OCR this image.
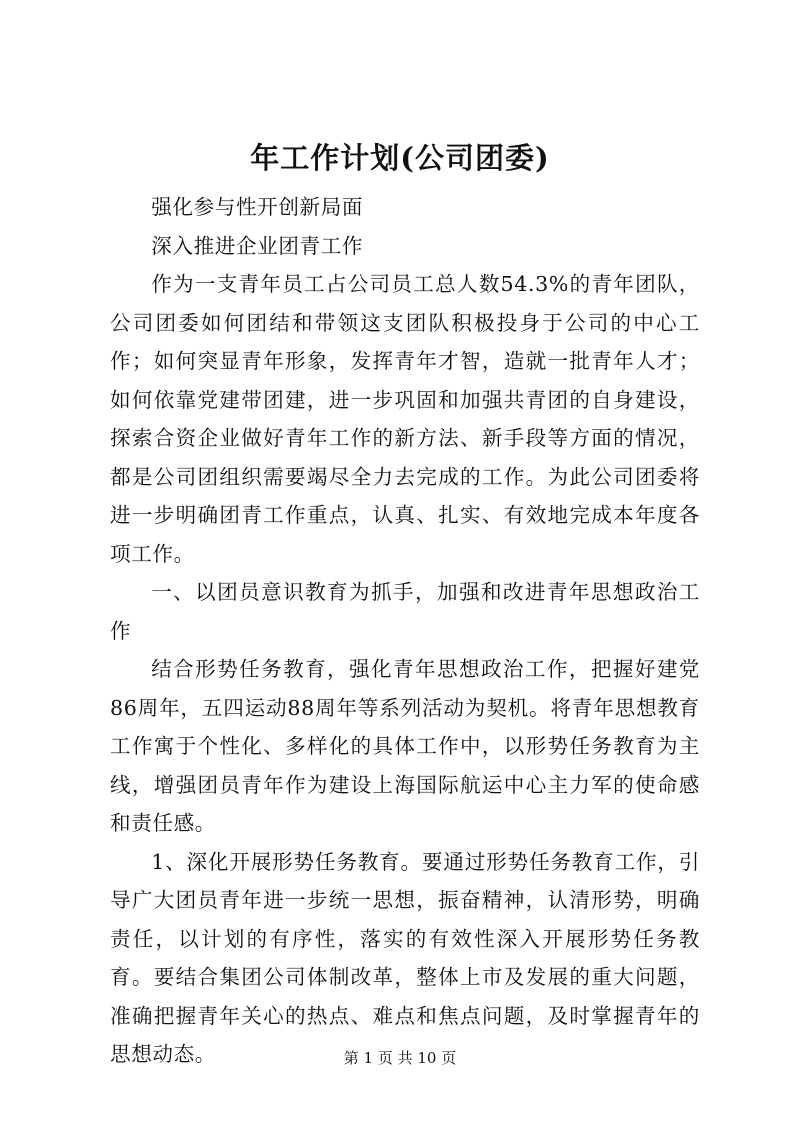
年工作计划(公司团委)

强化参与性开创新局面

深入推进企业团青工作

作为一支青年员工占公司员工总人数54.3%的青年团队，公司团委如何团结和带领这支团队积极投身于公司的中心工作；如何突显青年形象，发挥青年才智，造就一批青年人才；如何依靠党建带团建，进一步巩固和加强共青团的自身建设，探索合资企业做好青年工作的新方法、新手段等方面的情况，都是公司团组织需要竭尽全力去完成的工作。为此公司团委将进一步明确团青工作重点，认真、扎实、有效地完成本年度各项工作。

一、以团员意识教育为抓手，加强和改进青年思想政治工作

结合形势任务教育，强化青年思想政治工作，把握好建党86周年，五四运动88周年等系列活动为契机。将青年思想教育工作寓于个性化、多样化的具体工作中，以形势任务教育为主线，增强团员青年作为建设上海国际航运中心主力军的使命感和责任感。

1、深化开展形势任务教育。要通过形势任务教育工作，引导广大团员青年进一步统一思想，振奋精神，认清形势，明确责任，以计划的有序性，落实的有效性深入开展形势任务教育。要结合集团公司体制改革，整体上市及发展的重大问题，准确把握青年关心的热点、难点和焦点问题，及时掌握青年的思想动态。	第 1 页 共 10 页
